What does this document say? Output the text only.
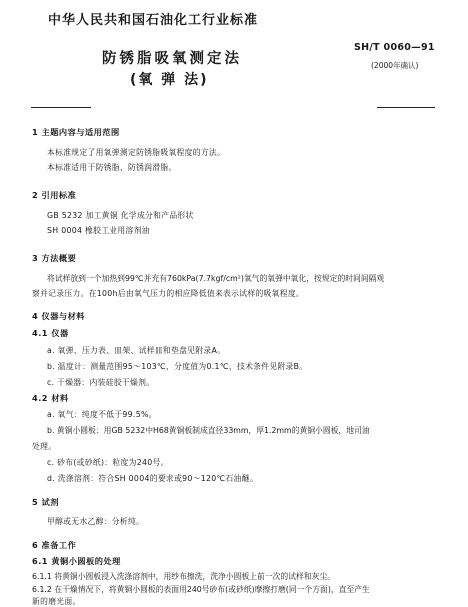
中华人民共和国石油化工行业标准
防锈脂吸氧测定法
(氧 弹 法)
SH/T 0060—91
(2000年确认)
1 主题内容与适用范围
本标准规定了用氧弹测定防锈脂吸氧程度的方法。
本标准适用于防锈脂、防锈润滑脂。
2 引用标准
GB 5232 加工黄铜 化学成分和产品形状
SH 0004 橡胶工业用溶剂油
3 方法概要
将试样放到一个加热到99℃并充有760kPa(7.7kgf/cm²)氧气的氧弹中氧化，按规定的时间间隔观
察并记录压力。在100h后由氧气压力的相应降低值来表示试样的吸氧程度。
4 仪器与材料
4.1 仪器
a. 氧弹、压力表、皿架、试样皿和垫盘见附录A。
b. 温度计：测量范围95～103℃，分度值为0.1℃，技术条件见附录B。
c. 干燥器：内装硅胶干燥剂。
4.2 材料
a. 氧气：纯度不低于99.5%。
b. 黄铜小圆板：用GB 5232中H68黄铜板制成直径33mm，厚1.2mm的黄铜小圆板，地司油
处理。
c. 砂布(或砂纸)：粒度为240号。
d. 洗涤溶剂：符合SH 0004的要求或90～120℃石油醚。
5 试剂
甲醇或无水乙醇：分析纯。
6 准备工作
6.1 黄铜小圆板的处理
6.1.1 将黄铜小圆板浸入洗涤溶剂中，用纱布擦洗，洗净小圆板上前一次的试样和灰尘。
6.1.2 在干燥情况下，将黄铜小圆板的表面用240号砂布(或砂纸)摩擦打磨(同一个方面)，直至产生
新的磨光面。
